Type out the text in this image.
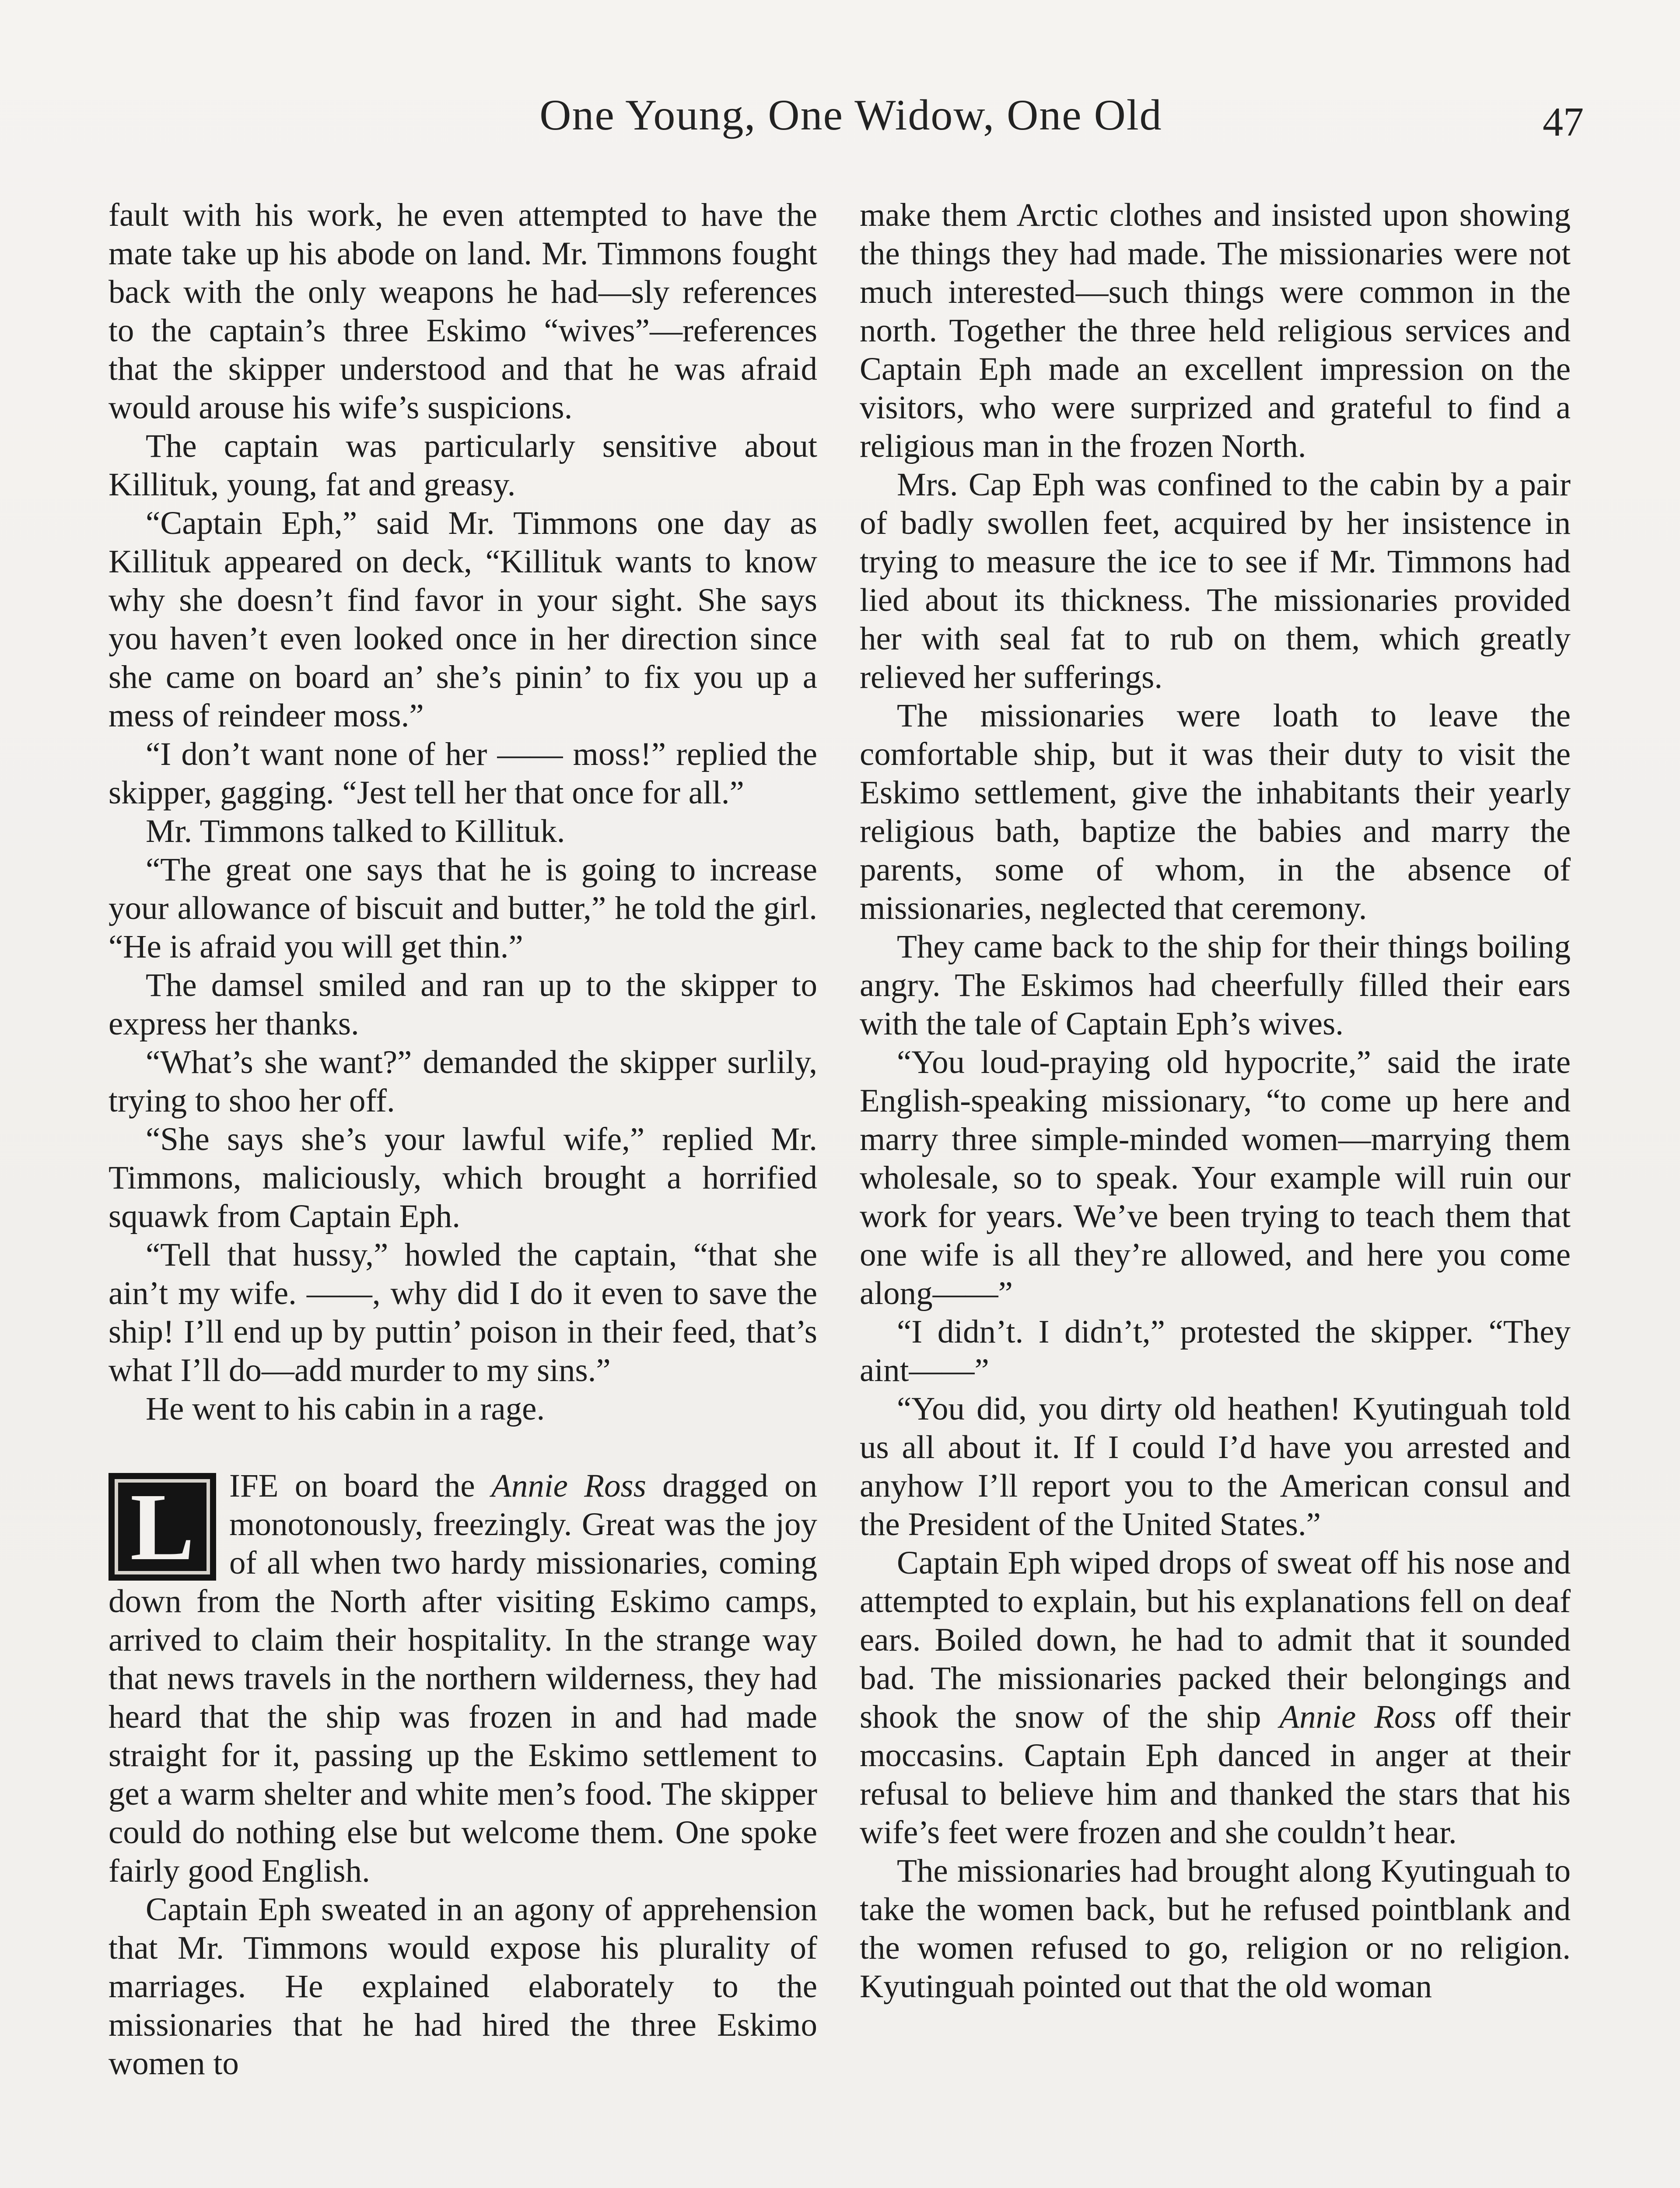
One Young, One Widow, One Old	47

fault with his work, he even attempted to have the mate take up his abode on land. Mr. Timmons fought back with the only weapons he had—sly references to the captain’s three Eskimo “wives”—references that the skipper understood and that he was afraid would arouse his wife’s suspicions.

The captain was particularly sensitive about Killituk, young, fat and greasy.

“Captain Eph,” said Mr. Timmons one day as Killituk appeared on deck, “Killituk wants to know why she doesn’t find favor in your sight. She says you haven’t even looked once in her direction since she came on board an’ she’s pinin’ to fix you up a mess of reindeer moss.”

“I don’t want none of her —— moss!” replied the skipper, gagging. “Jest tell her that once for all.”

Mr. Timmons talked to Killituk.

“The great one says that he is going to increase your allowance of biscuit and butter,” he told the girl. “He is afraid you will get thin.”

The damsel smiled and ran up to the skipper to express her thanks.

“What’s she want?” demanded the skipper surlily, trying to shoo her off.

“She says she’s your lawful wife,” replied Mr. Timmons, maliciously, which brought a horrified squawk from Captain Eph.

“Tell that hussy,” howled the captain, “that she ain’t my wife. ——, why did I do it even to save the ship! I’ll end up by puttin’ poison in their feed, that’s what I’ll do—add murder to my sins.”

He went to his cabin in a rage.

L IFE on board the Annie Ross dragged on monotonously, freezingly. Great was the joy of all when two hardy missionaries, coming down from the North after visiting Eskimo camps, arrived to claim their hospitality. In the strange way that news travels in the northern wilderness, they had heard that the ship was frozen in and had made straight for it, passing up the Eskimo settlement to get a warm shelter and white men’s food. The skipper could do nothing else but welcome them. One spoke fairly good English.

Captain Eph sweated in an agony of apprehension that Mr. Timmons would expose his plurality of marriages. He explained elaborately to the missionaries that he had hired the three Eskimo women to

make them Arctic clothes and insisted upon showing the things they had made. The missionaries were not much interested—such things were common in the north. Together the three held religious services and Captain Eph made an excellent impression on the visitors, who were surprized and grateful to find a religious man in the frozen North.

Mrs. Cap Eph was confined to the cabin by a pair of badly swollen feet, acquired by her insistence in trying to measure the ice to see if Mr. Timmons had lied about its thickness. The missionaries provided her with seal fat to rub on them, which greatly relieved her sufferings.

The missionaries were loath to leave the comfortable ship, but it was their duty to visit the Eskimo settlement, give the inhabitants their yearly religious bath, baptize the babies and marry the parents, some of whom, in the absence of missionaries, neglected that ceremony.

They came back to the ship for their things boiling angry. The Eskimos had cheerfully filled their ears with the tale of Captain Eph’s wives.

“You loud-praying old hypocrite,” said the irate English-speaking missionary, “to come up here and marry three simple-minded women—marrying them wholesale, so to speak. Your example will ruin our work for years. We’ve been trying to teach them that one wife is all they’re allowed, and here you come along——”

“I didn’t. I didn’t,” protested the skipper. “They aint——”

“You did, you dirty old heathen! Kyutinguah told us all about it. If I could I’d have you arrested and anyhow I’ll report you to the American consul and the President of the United States.”

Captain Eph wiped drops of sweat off his nose and attempted to explain, but his explanations fell on deaf ears. Boiled down, he had to admit that it sounded bad. The missionaries packed their belongings and shook the snow of the ship Annie Ross off their moccasins. Captain Eph danced in anger at their refusal to believe him and thanked the stars that his wife’s feet were frozen and she couldn’t hear.

The missionaries had brought along Kyutinguah to take the women back, but he refused pointblank and the women refused to go, religion or no religion. Kyutinguah pointed out that the old woman
